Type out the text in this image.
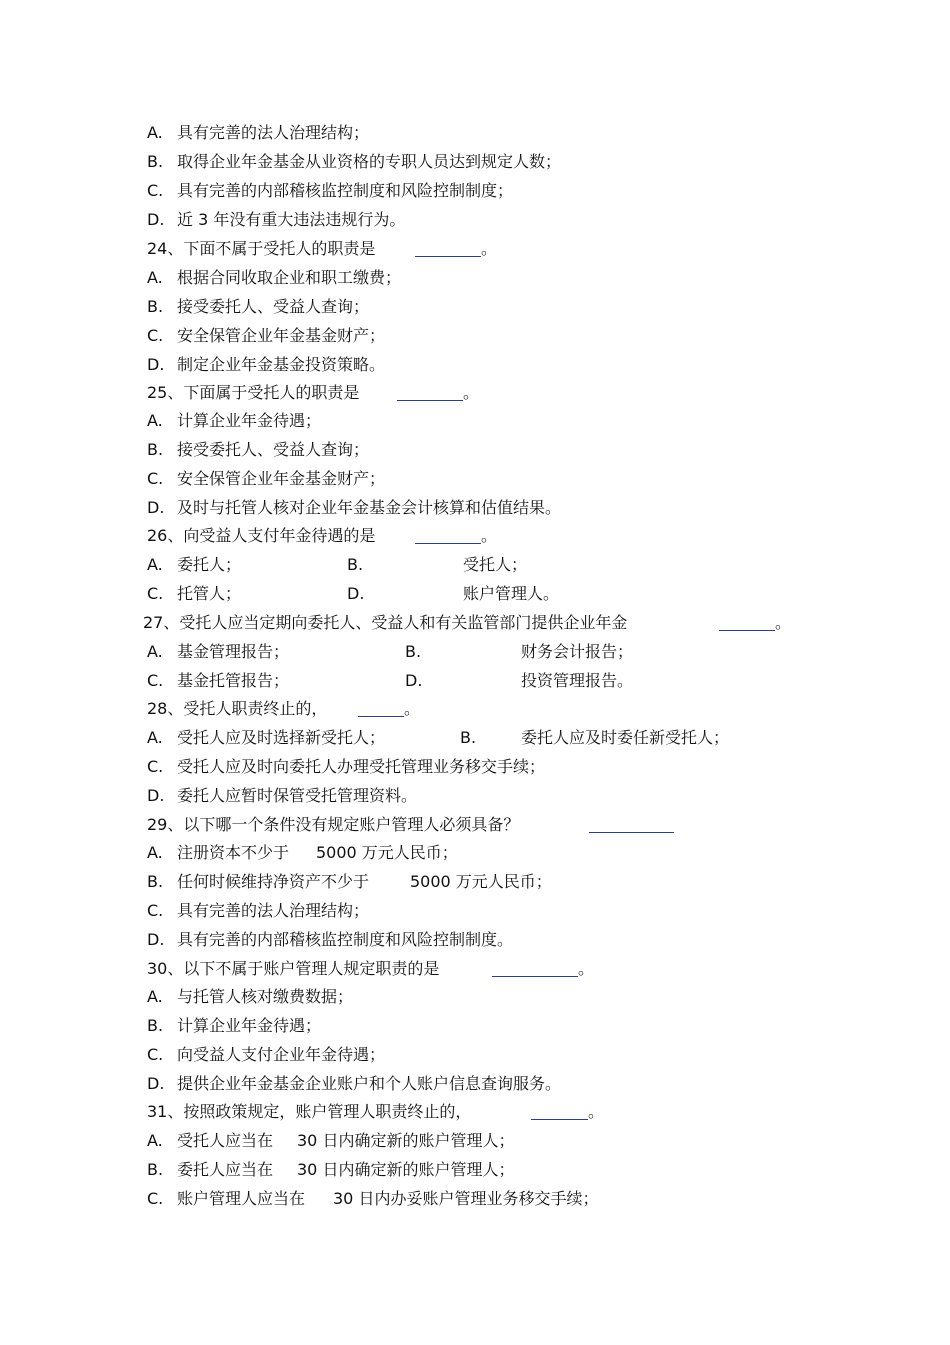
A.

具有完善的法人治理结构；

B.

取得企业年金基金从业资格的专职人员达到规定人数；

C.

具有完善的内部稽核监控制度和风险控制制度；

D.

近 3 年没有重大违法违规行为。

24、下面不属于受托人的职责是

	。

A.

根据合同收取企业和职工缴费；

B.

接受委托人、受益人查询；

C.

安全保管企业年金基金财产；

D.

制定企业年金基金投资策略。

25、下面属于受托人的职责是

	。

A.

计算企业年金待遇；

B.

接受委托人、受益人查询；

C.

安全保管企业年金基金财产；

D.

及时与托管人核对企业年金基金会计核算和估值结果。

26、向受益人支付年金待遇的是

	。

A.

委托人；

	B.

	受托人；

C.

托管人；

	D.

	账户管理人。

27、受托人应当定期向委托人、受益人和有关监管部门提供企业年金

	。

A.

基金管理报告；

	B.

	财务会计报告；

C.

基金托管报告；

	D.

	投资管理报告。

28、受托人职责终止的，

	。

A.

受托人应及时选择新受托人；

	B.

	委托人应及时委任新受托人；

C.

受托人应及时向委托人办理受托管理业务移交手续；

D.

委托人应暂时保管受托管理资料。

29、以下哪一个条件没有规定账户管理人必须具备？

A.

注册资本不少于

5000 万元人民币；

B.

任何时候维持净资产不少于

	5000 万元人民币；

C.

具有完善的法人治理结构；

D.

具有完善的内部稽核监控制度和风险控制制度。

30、以下不属于账户管理人规定职责的是

	。

A.

与托管人核对缴费数据；

B.

计算企业年金待遇；

C.

向受益人支付企业年金待遇；

D.

提供企业年金基金企业账户和个人账户信息查询服务。

31、按照政策规定，账户管理人职责终止的，

	。

A.

受托人应当在

30 日内确定新的账户管理人；

B.

委托人应当在

30 日内确定新的账户管理人；

C.

账户管理人应当在

30 日内办妥账户管理业务移交手续；
